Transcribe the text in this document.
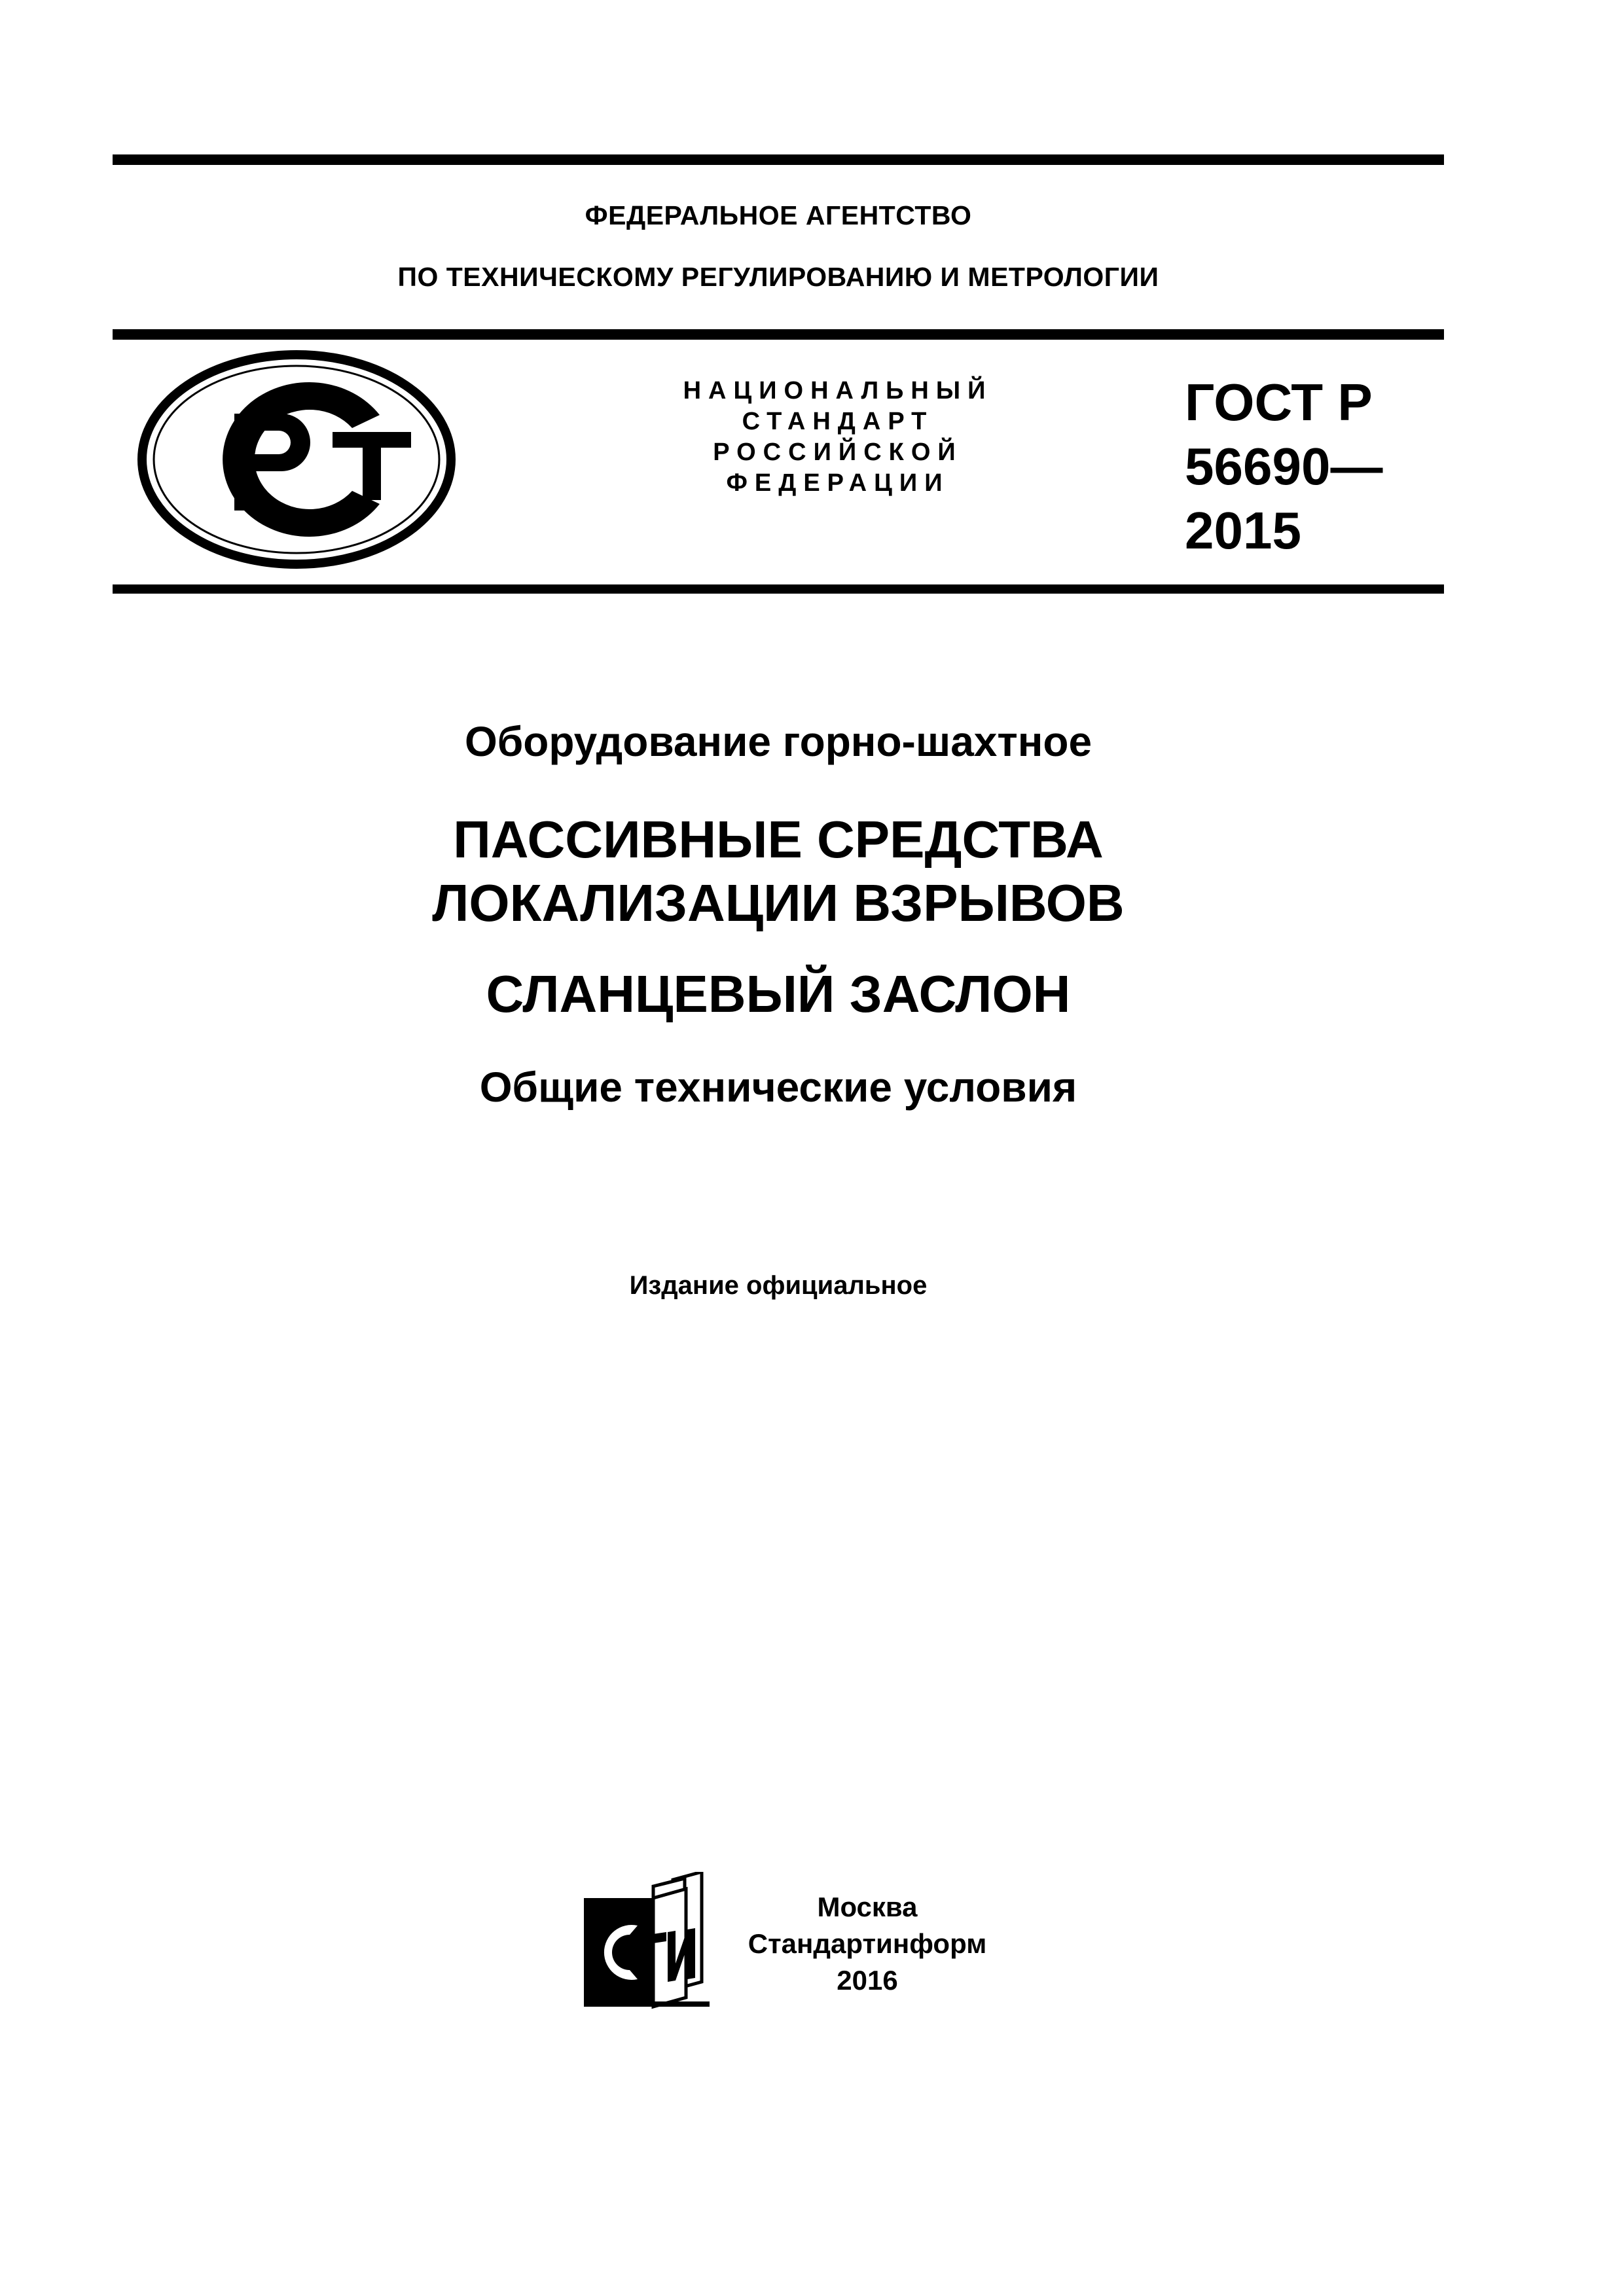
ФЕДЕРАЛЬНОЕ АГЕНТСТВО
ПО ТЕХНИЧЕСКОМУ РЕГУЛИРОВАНИЮ И МЕТРОЛОГИИ
НАЦИОНАЛЬНЫЙ
СТАНДАРТ
РОССИЙСКОЙ
ФЕДЕРАЦИИ
ГОСТ Р
56690—
2015
Оборудование горно-шахтное
ПАССИВНЫЕ СРЕДСТВА
ЛОКАЛИЗАЦИИ ВЗРЫВОВ
СЛАНЦЕВЫЙ ЗАСЛОН
Общие технические условия
Издание официальное
Москва
Стандартинформ
2016
